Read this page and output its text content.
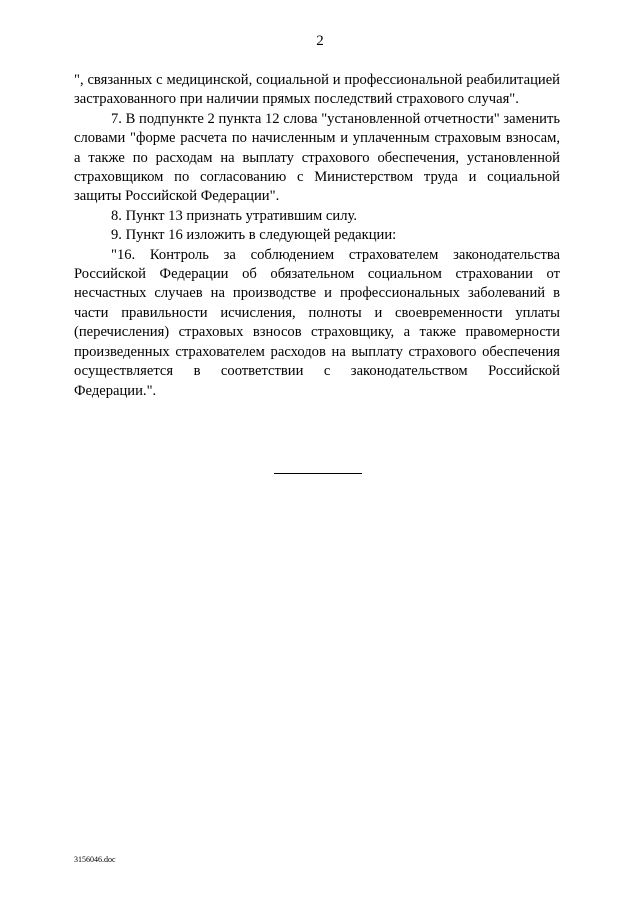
2

", связанных с медицинской, социальной и профессиональной реабилитацией застрахованного при наличии прямых последствий страхового случая".

7. В подпункте 2 пункта 12 слова "установленной отчетности" заменить словами "форме расчета по начисленным и уплаченным страховым взносам, а также по расходам на выплату страхового обеспечения, установленной страховщиком по согласованию с Министерством труда и социальной защиты Российской Федерации".

8. Пункт 13 признать утратившим силу.

9. Пункт 16 изложить в следующей редакции:

"16. Контроль за соблюдением страхователем законодательства Российской Федерации об обязательном социальном страховании от несчастных случаев на производстве и профессиональных заболеваний в части правильности исчисления, полноты и своевременности уплаты (перечисления) страховых взносов страховщику, а также правомерности произведенных страхователем расходов на выплату страхового обеспечения осуществляется в соответствии с законодательством Российской Федерации.".

3156046.doc
